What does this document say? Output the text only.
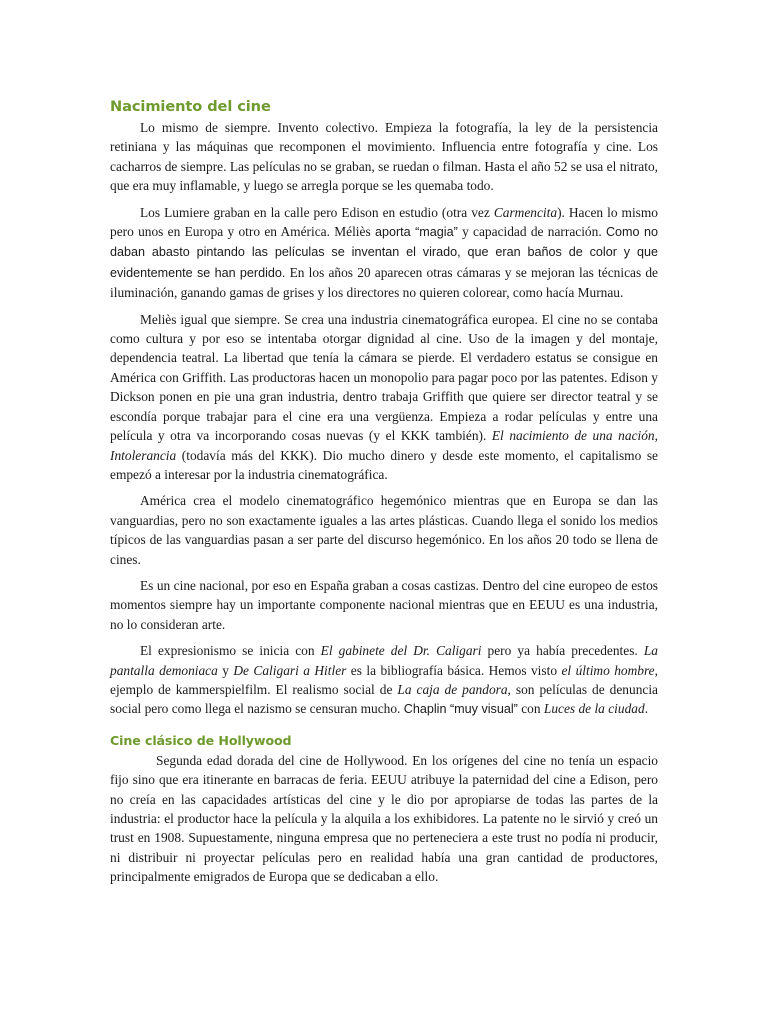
Nacimiento del cine

Lo mismo de siempre. Invento colectivo. Empieza la fotografía, la ley de la persistencia retiniana y las máquinas que recomponen el movimiento. Influencia entre fotografía y cine. Los cacharros de siempre. Las películas no se graban, se ruedan o filman. Hasta el año 52 se usa el nitrato, que era muy inflamable, y luego se arregla porque se les quemaba todo.

Los Lumiere graban en la calle pero Edison en estudio (otra vez Carmencita). Hacen lo mismo pero unos en Europa y otro en América. Méliès aporta “magia” y capacidad de narración. Como no daban abasto pintando las películas se inventan el virado, que eran baños de color y que evidentemente se han perdido. En los años 20 aparecen otras cámaras y se mejoran las técnicas de iluminación, ganando gamas de grises y los directores no quieren colorear, como hacía Murnau.

Meliès igual que siempre. Se crea una industria cinematográfica europea. El cine no se contaba como cultura y por eso se intentaba otorgar dignidad al cine. Uso de la imagen y del montaje, dependencia teatral. La libertad que tenía la cámara se pierde. El verdadero estatus se consigue en América con Griffith. Las productoras hacen un monopolio para pagar poco por las patentes. Edison y Dickson ponen en pie una gran industria, dentro trabaja Griffith que quiere ser director teatral y se escondía porque trabajar para el cine era una vergüenza. Empieza a rodar películas y entre una película y otra va incorporando cosas nuevas (y el KKK también). El nacimiento de una nación, Intolerancia (todavía más del KKK). Dio mucho dinero y desde este momento, el capitalismo se empezó a interesar por la industria cinematográfica.

América crea el modelo cinematográfico hegemónico mientras que en Europa se dan las vanguardias, pero no son exactamente iguales a las artes plásticas. Cuando llega el sonido los medios típicos de las vanguardias pasan a ser parte del discurso hegemónico. En los años 20 todo se llena de cines.

Es un cine nacional, por eso en España graban a cosas castizas. Dentro del cine europeo de estos momentos siempre hay un importante componente nacional mientras que en EEUU es una industria, no lo consideran arte.

El expresionismo se inicia con El gabinete del Dr. Caligari pero ya había precedentes. La pantalla demoniaca y De Caligari a Hitler es la bibliografía básica. Hemos visto el último hombre, ejemplo de kammerspielfilm. El realismo social de La caja de pandora, son películas de denuncia social pero como llega el nazismo se censuran mucho. Chaplin “muy visual” con Luces de la ciudad.

Cine clásico de Hollywood

Segunda edad dorada del cine de Hollywood. En los orígenes del cine no tenía un espacio fijo sino que era itinerante en barracas de feria. EEUU atribuye la paternidad del cine a Edison, pero no creía en las capacidades artísticas del cine y le dio por apropiarse de todas las partes de la industria: el productor hace la película y la alquila a los exhibidores. La patente no le sirvió y creó un trust en 1908. Supuestamente, ninguna empresa que no perteneciera a este trust no podía ni producir, ni distribuir ni proyectar películas pero en realidad había una gran cantidad de productores, principalmente emigrados de Europa que se dedicaban a ello.
